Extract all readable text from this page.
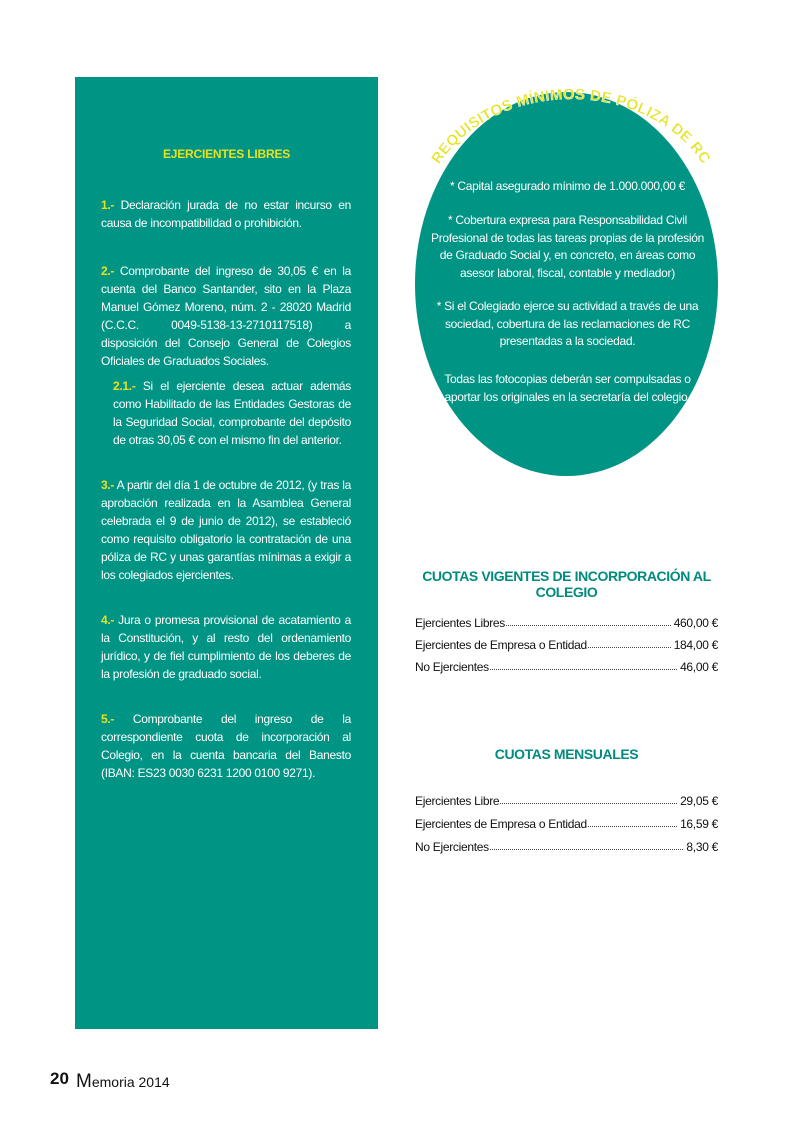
EJERCIENTES LIBRES
1.- Declaración jurada de no estar incurso en causa de incompatibilidad o prohibición.
2.- Comprobante del ingreso de 30,05 € en la cuenta del Banco Santander, sito en la Plaza Manuel Gómez Moreno, núm. 2 - 28020 Madrid (C.C.C. 0049-5138-13-2710117518) a disposición del Consejo General de Colegios Oficiales de Graduados Sociales.
2.1.- Si el ejerciente desea actuar además como Habilitado de las Entidades Gestoras de la Seguridad Social, comprobante del depósito de otras 30,05 € con el mismo fin del anterior.
3.- A partir del día 1 de octubre de 2012, (y tras la aprobación realizada en la Asamblea General celebrada el 9 de junio de 2012), se estableció como requisito obligatorio la contratación de una póliza de RC y unas garantías mínimas a exigir a los colegiados ejercientes.
4.- Jura o promesa provisional de acatamiento a la Constitución, y al resto del ordenamiento jurídico, y de fiel cumplimiento de los deberes de la profesión de graduado social.
5.- Comprobante del ingreso de la correspondiente cuota de incorporación al Colegio, en la cuenta bancaria del Banesto (IBAN: ES23 0030 6231 1200 0100 9271).
REQUISITOS MÍNIMOS DE PÓLIZA DE RC
* Capital asegurado mínimo de 1.000.000,00 €
* Cobertura expresa para Responsabilidad Civil Profesional de todas las tareas propias de la profesión de Graduado Social y, en concreto, en áreas como asesor laboral, fiscal, contable y mediador)
* Si el Colegiado ejerce su actividad a través de una sociedad, cobertura de las reclamaciones de RC presentadas a la sociedad.
Todas las fotocopias deberán ser compulsadas o aportar los originales en la secretaría del colegio.
CUOTAS VIGENTES DE INCORPORACIÓN AL COLEGIO
Ejercientes Libres	460,00 €
Ejercientes de Empresa o Entidad	184,00 €
No Ejercientes	46,00 €
CUOTAS MENSUALES
Ejercientes Libre	29,05 €
Ejercientes de Empresa o Entidad	16,59 €
No Ejercientes	8,30 €
20 Memoria 2014
